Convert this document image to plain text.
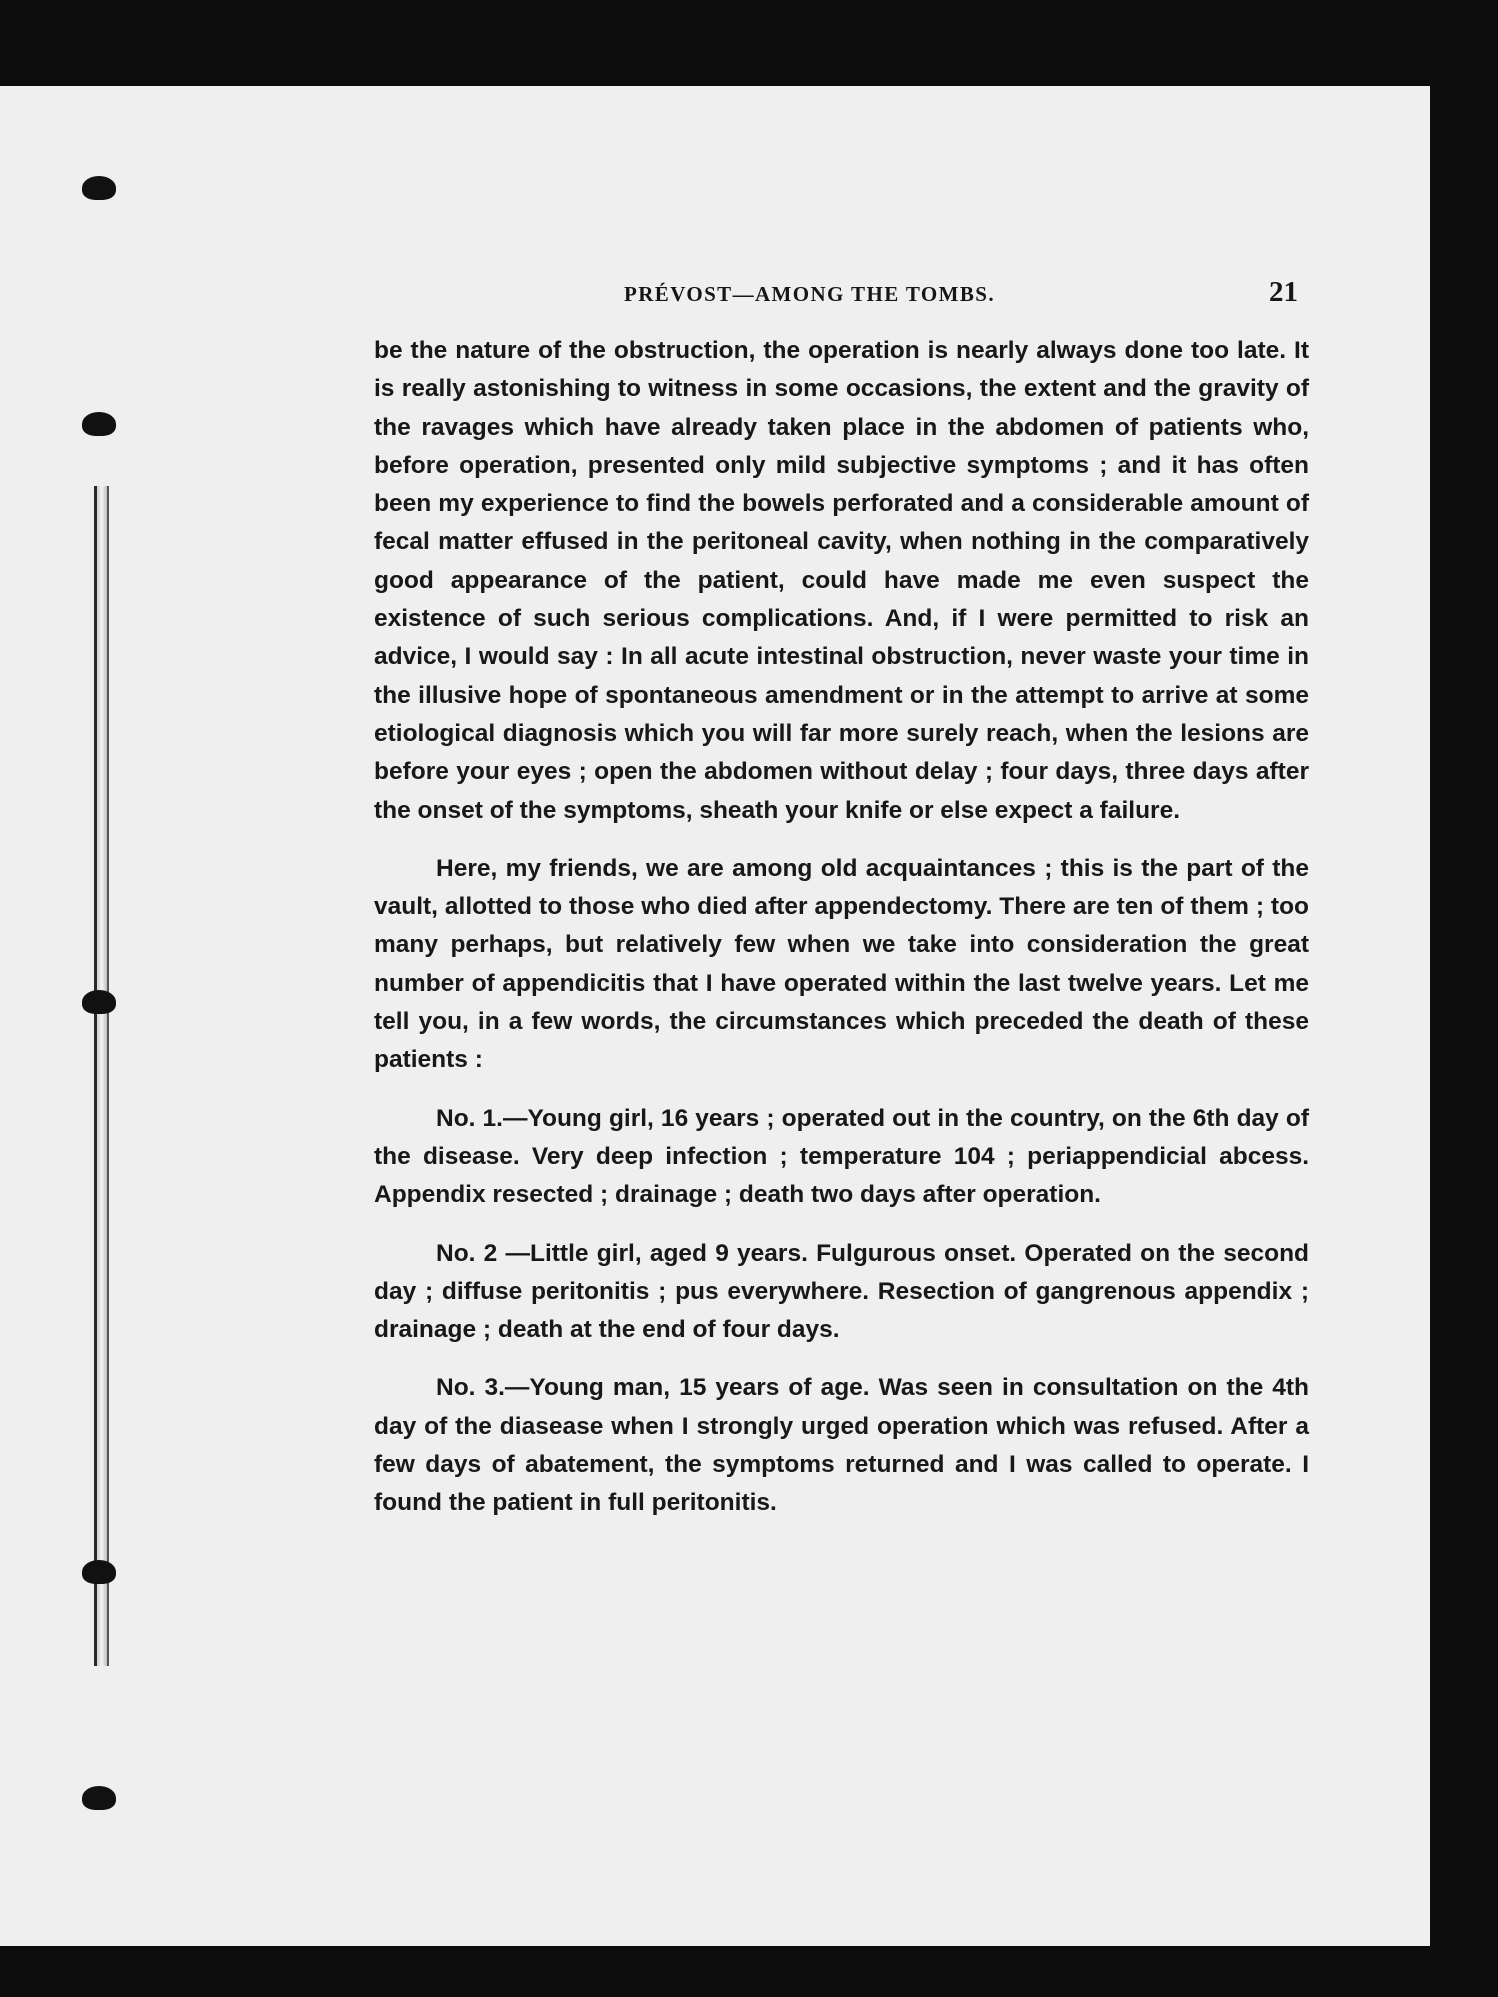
PRÉVOST—AMONG THE TOMBS.	21

be the nature of the obstruction, the operation is nearly always done too late. It is really astonishing to witness in some occasions, the extent and the gravity of the ravages which have already taken place in the abdomen of patients who, before operation, presented only mild subjective symptoms ; and it has often been my experience to find the bowels perforated and a considerable amount of fecal matter effused in the peritoneal cavity, when nothing in the comparatively good appearance of the patient, could have made me even suspect the existence of such serious complications. And, if I were permitted to risk an advice, I would say : In all acute intestinal obstruction, never waste your time in the illusive hope of spontaneous amendment or in the attempt to arrive at some etiological diagnosis which you will far more surely reach, when the lesions are before your eyes ; open the abdomen without delay ; four days, three days after the onset of the symptoms, sheath your knife or else expect a failure.

Here, my friends, we are among old acquaintances ; this is the part of the vault, allotted to those who died after appendectomy. There are ten of them ; too many perhaps, but relatively few when we take into consideration the great number of appendicitis that I have operated within the last twelve years. Let me tell you, in a few words, the circumstances which preceded the death of these patients :

No. 1.—Young girl, 16 years ; operated out in the country, on the 6th day of the disease. Very deep infection ; temperature 104 ; periappendicial abcess. Appendix resected ; drainage ; death two days after operation.

No. 2 —Little girl, aged 9 years. Fulgurous onset. Operated on the second day ; diffuse peritonitis ; pus everywhere. Resection of gangrenous appendix ; drainage ; death at the end of four days.

No. 3.—Young man, 15 years of age. Was seen in consultation on the 4th day of the diasease when I strongly urged operation which was refused. After a few days of abatement, the symptoms returned and I was called to operate. I found the patient in full peritonitis.
